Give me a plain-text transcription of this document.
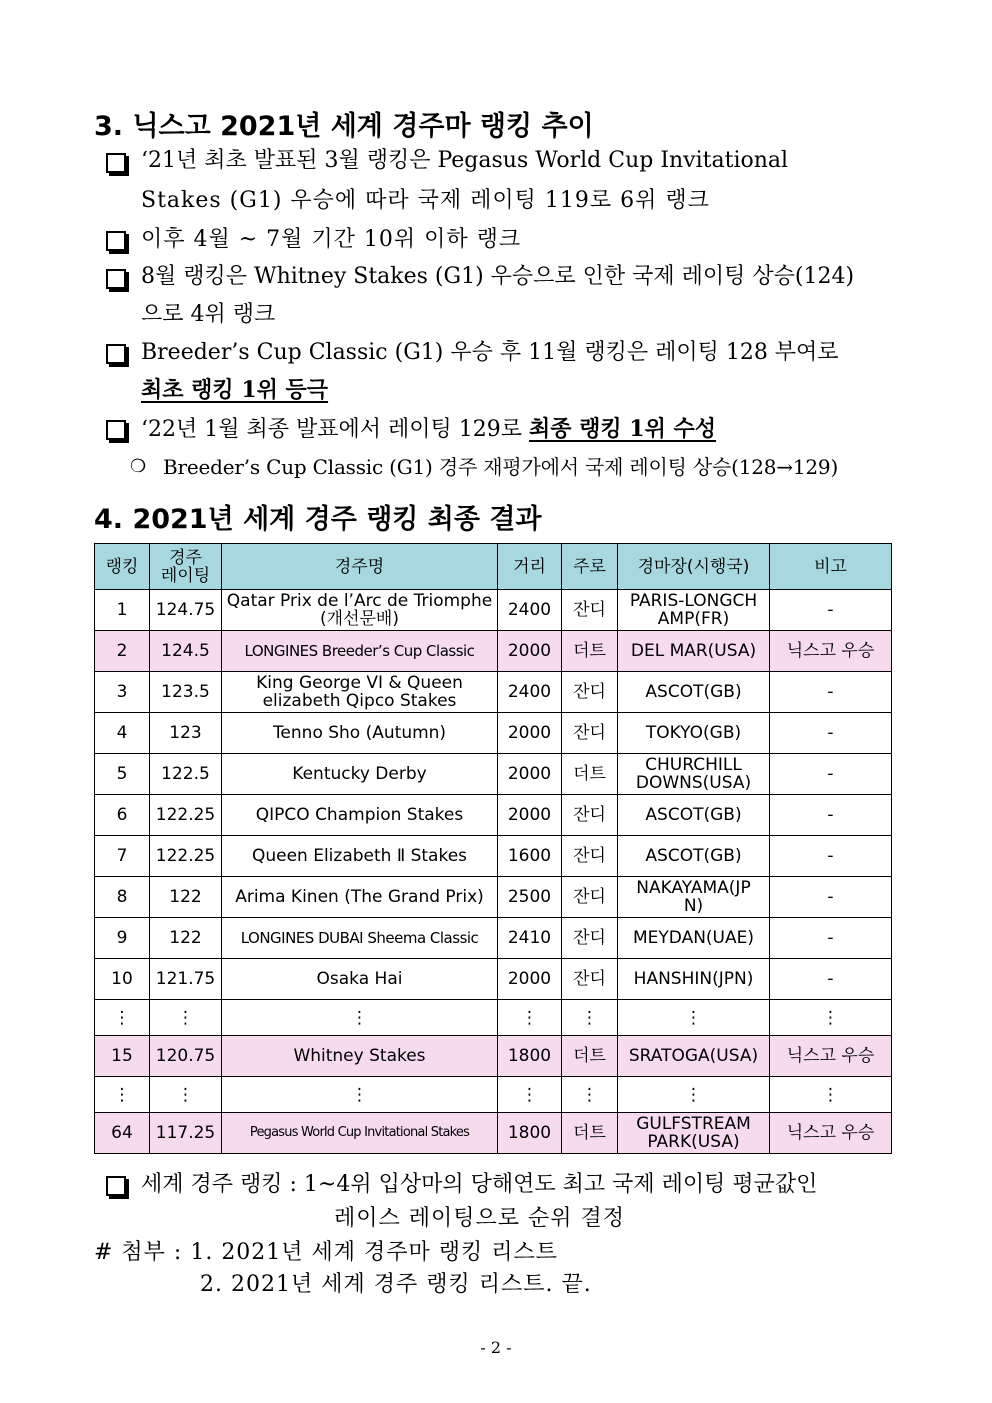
3. 닉스고 2021년 세계 경주마 랭킹 추이
‘21년 최초 발표된 3월 랭킹은 Pegasus World Cup Invitational
Stakes (G1) 우승에 따라 국제 레이팅 119로 6위 랭크
이후 4월 ~ 7월 기간 10위 이하 랭크
8월 랭킹은 Whitney Stakes (G1) 우승으로 인한 국제 레이팅 상승(124)
으로 4위 랭크
Breeder’s Cup Classic (G1) 우승 후 11월 랭킹은 레이팅 128 부여로
최초 랭킹 1위 등극
‘22년 1월 최종 발표에서 레이팅 129로 최종 랭킹 1위 수성
❍ Breeder’s Cup Classic (G1) 경주 재평가에서 국제 레이팅 상승(128→129)
4. 2021년 세계 경주 랭킹 최종 결과
랭킹	경주
레이팅	경주명	거리	주로	경마장(시행국)	비고
1	124.75	Qatar Prix de l’Arc de Triomphe
(개선문배)	2400	잔디	PARIS-LONGCH
AMP(FR)	-
2	124.5	LONGINES Breeder’s Cup Classic	2000	더트	DEL MAR(USA)	닉스고 우승
3	123.5	King George VI & Queen
elizabeth Qipco Stakes	2400	잔디	ASCOT(GB)	-
4	123	Tenno Sho (Autumn)	2000	잔디	TOKYO(GB)	-
5	122.5	Kentucky Derby	2000	더트	CHURCHILL
DOWNS(USA)	-
6	122.25	QIPCO Champion Stakes	2000	잔디	ASCOT(GB)	-
7	122.25	Queen Elizabeth Ⅱ Stakes	1600	잔디	ASCOT(GB)	-
8	122	Arima Kinen (The Grand Prix)	2500	잔디	NAKAYAMA(JP
N)	-
9	122	LONGINES DUBAI Sheema Classic	2410	잔디	MEYDAN(UAE)	-
10	121.75	Osaka Hai	2000	잔디	HANSHIN(JPN)	-
⋮	⋮	⋮	⋮	⋮	⋮	⋮
15	120.75	Whitney Stakes	1800	더트	SRATOGA(USA)	닉스고 우승
⋮	⋮	⋮	⋮	⋮	⋮	⋮
64	117.25	Pegasus World Cup Invitational Stakes	1800	더트	GULFSTREAM
PARK(USA)	닉스고 우승
세계 경주 랭킹 : 1~4위 입상마의 당해연도 최고 국제 레이팅 평균값인
레이스 레이팅으로 순위 결정
# 첨부 : 1. 2021년 세계 경주마 랭킹 리스트
2. 2021년 세계 경주 랭킹 리스트. 끝.
- 2 -
